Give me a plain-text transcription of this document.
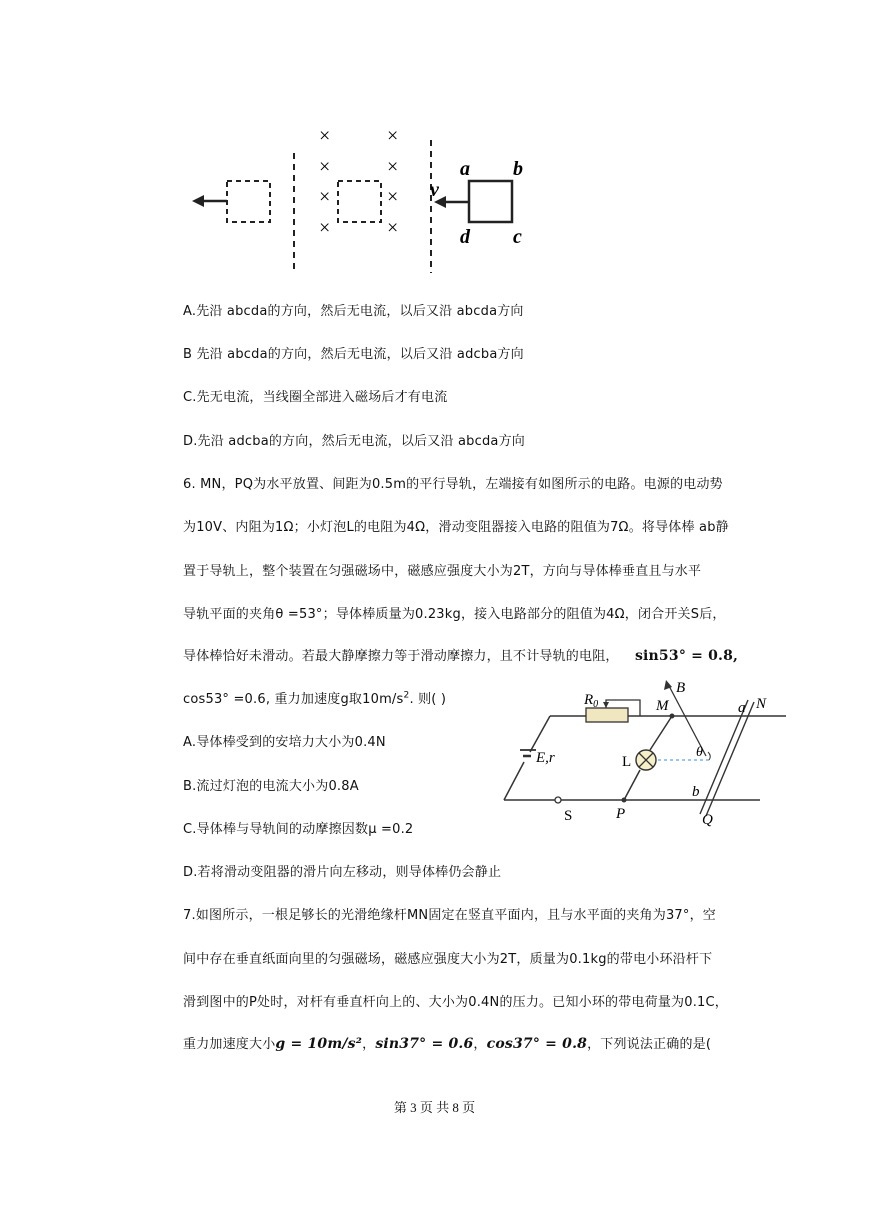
×
×
×
×
×
×
×
×
v
a b
d c
A.先沿 abcda的方向，然后无电流，以后又沿 abcda方向
B 先沿 abcda的方向，然后无电流，以后又沿 adcba方向
C.先无电流，当线圈全部进入磁场后才有电流
D.先沿 adcba的方向，然后无电流，以后又沿 abcda方向
6. MN，PQ为水平放置、间距为0.5m的平行导轨，左端接有如图所示的电路。电源的电动势
为10V、内阻为1Ω；小灯泡L的电阻为4Ω，滑动变阻器接入电路的阻值为7Ω。将导体棒 ab静
置于导轨上，整个装置在匀强磁场中，磁感应强度大小为2T，方向与导体棒垂直且与水平
导轨平面的夹角θ =53°；导体棒质量为0.23kg，接入电路部分的阻值为4Ω，闭合开关S后，
导体棒恰好未滑动。若最大静摩擦力等于滑动摩擦力，且不计导轨的电阻， sin53° = 0.8,
cos53° =0.6, 重力加速度g取$10m/s^2$. 则( )
A.导体棒受到的安培力大小为0.4N
B.流过灯泡的电流大小为0.8A
C.导体棒与导轨间的动摩擦因数μ =0.2
D.若将滑动变阻器的滑片向左移动，则导体棒仍会静止
E,r
$R_0$
L
M
P
B
θ
a N
b
Q
S
7.如图所示，一根足够长的光滑绝缘杆MN固定在竖直平面内，且与水平面的夹角为37°，空
间中存在垂直纸面向里的匀强磁场，磁感应强度大小为2T，质量为0.1kg的带电小环沿杆下
滑到图中的P处时，对杆有垂直杆向上的、大小为0.4N的压力。已知小环的带电荷量为0.1C，
重力加速度大小g = 10m/s²，sin37° = 0.6，cos37° = 0.8，下列说法正确的是(
第 3 页 共 8 页
